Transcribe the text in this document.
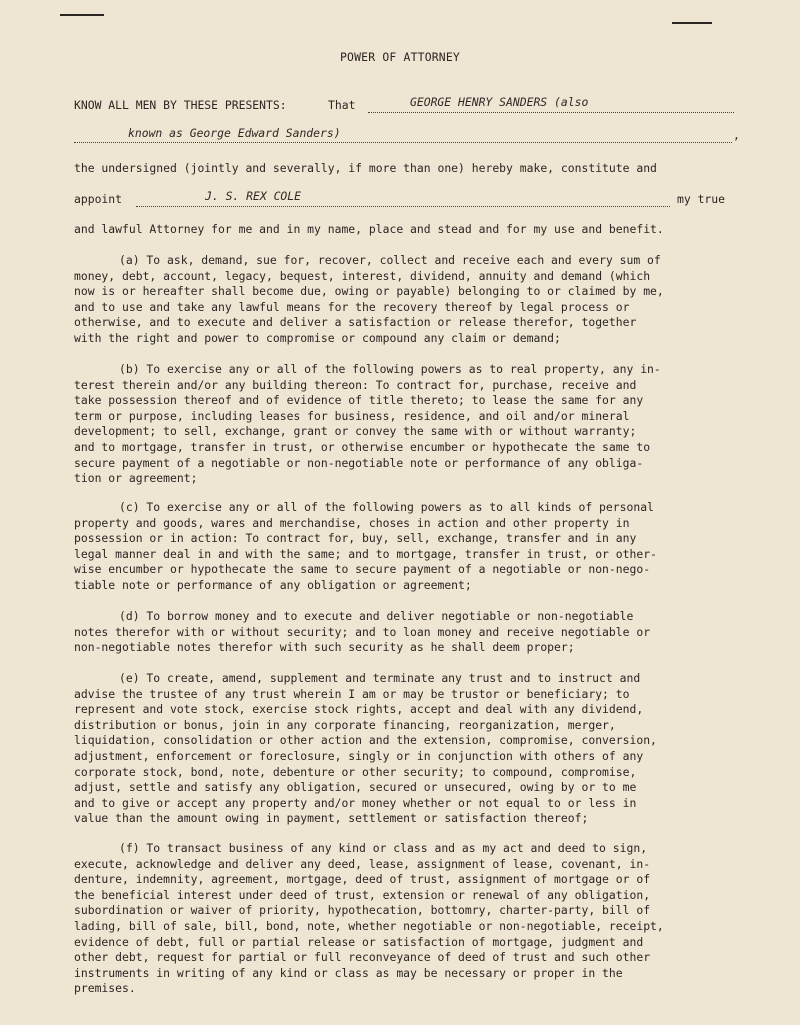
POWER OF ATTORNEY
KNOW ALL MEN BY THESE PRESENTS:	That	GEORGE HENRY SANDERS (also
known as George Edward Sanders)	,
the undersigned (jointly and severally, if more than one) hereby make, constitute and
appoint	J. S. REX COLE	my true
and lawful Attorney for me and in my name, place and stead and for my use and benefit.
(a) To ask, demand, sue for, recover, collect and receive each and every sum of
money, debt, account, legacy, bequest, interest, dividend, annuity and demand (which
now is or hereafter shall become due, owing or payable) belonging to or claimed by me,
and to use and take any lawful means for the recovery thereof by legal process or
otherwise, and to execute and deliver a satisfaction or release therefor, together
with the right and power to compromise or compound any claim or demand;
(b) To exercise any or all of the following powers as to real property, any in-
terest therein and/or any building thereon: To contract for, purchase, receive and
take possession thereof and of evidence of title thereto; to lease the same for any
term or purpose, including leases for business, residence, and oil and/or mineral
development; to sell, exchange, grant or convey the same with or without warranty;
and to mortgage, transfer in trust, or otherwise encumber or hypothecate the same to
secure payment of a negotiable or non-negotiable note or performance of any obliga-
tion or agreement;
(c) To exercise any or all of the following powers as to all kinds of personal
property and goods, wares and merchandise, choses in action and other property in
possession or in action: To contract for, buy, sell, exchange, transfer and in any
legal manner deal in and with the same; and to mortgage, transfer in trust, or other-
wise encumber or hypothecate the same to secure payment of a negotiable or non-nego-
tiable note or performance of any obligation or agreement;
(d) To borrow money and to execute and deliver negotiable or non-negotiable
notes therefor with or without security; and to loan money and receive negotiable or
non-negotiable notes therefor with such security as he shall deem proper;
(e) To create, amend, supplement and terminate any trust and to instruct and
advise the trustee of any trust wherein I am or may be trustor or beneficiary; to
represent and vote stock, exercise stock rights, accept and deal with any dividend,
distribution or bonus, join in any corporate financing, reorganization, merger,
liquidation, consolidation or other action and the extension, compromise, conversion,
adjustment, enforcement or foreclosure, singly or in conjunction with others of any
corporate stock, bond, note, debenture or other security; to compound, compromise,
adjust, settle and satisfy any obligation, secured or unsecured, owing by or to me
and to give or accept any property and/or money whether or not equal to or less in
value than the amount owing in payment, settlement or satisfaction thereof;
(f) To transact business of any kind or class and as my act and deed to sign,
execute, acknowledge and deliver any deed, lease, assignment of lease, covenant, in-
denture, indemnity, agreement, mortgage, deed of trust, assignment of mortgage or of
the beneficial interest under deed of trust, extension or renewal of any obligation,
subordination or waiver of priority, hypothecation, bottomry, charter-party, bill of
lading, bill of sale, bill, bond, note, whether negotiable or non-negotiable, receipt,
evidence of debt, full or partial release or satisfaction of mortgage, judgment and
other debt, request for partial or full reconveyance of deed of trust and such other
instruments in writing of any kind or class as may be necessary or proper in the
premises.
